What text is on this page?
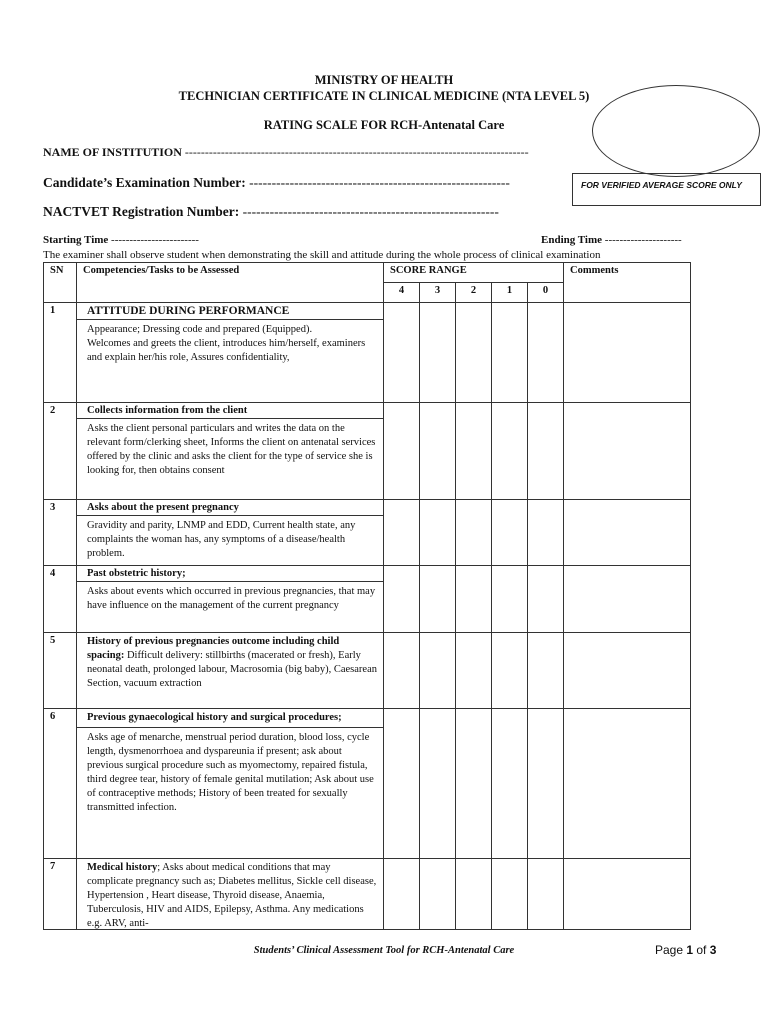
MINISTRY OF HEALTH
TECHNICIAN CERTIFICATE IN CLINICAL MEDICINE (NTA LEVEL 5)
RATING SCALE FOR RCH-Antenatal Care
FOR VERIFIED AVERAGE SCORE ONLY
NAME OF INSTITUTION --------------------------------------------------------------------------------------
Candidate’s Examination Number: ----------------------------------------------------------
NACTVET Registration Number: ---------------------------------------------------------
Starting Time ------------------------	Ending Time ---------------------
The examiner shall observe student when demonstrating the skill and attitude during the whole process of clinical examination
SN	Competencies/Tasks to be Assessed	SCORE RANGE					Comments
		4	3	2	1	0	
1	ATTITUDE DURING PERFORMANCE
Appearance; Dressing code and prepared (Equipped).
Welcomes and greets the client, introduces him/herself, examiners and explain her/his role, Assures confidentiality,						

2	Collects information from the client
Asks the client personal particulars and writes the data on the relevant form/clerking sheet, Informs the client on antenatal services offered by the clinic and asks the client for the type of service she is looking for, then obtains consent						

3	Asks about the present pregnancy
Gravidity and parity, LNMP and EDD, Current health state, any complaints the woman has, any symptoms of a disease/health problem.						

4	Past obstetric history;
Asks about events which occurred in previous pregnancies, that may have influence on the management of the current pregnancy						

5	History of previous pregnancies outcome including child spacing: Difficult delivery: stillbirths (macerated or fresh), Early neonatal death, prolonged labour, Macrosomia (big baby), Caesarean Section, vacuum extraction						

6	Previous gynaecological history and surgical procedures;
Asks age of menarche, menstrual period duration, blood loss, cycle length, dysmenorrhoea and dyspareunia if present; ask about previous surgical procedure such as myomectomy, repaired fistula, third degree tear, history of female genital mutilation; Ask about use of contraceptive methods; History of been treated for sexually transmitted infection.						

7	Medical history; Asks about medical conditions that may complicate pregnancy such as; Diabetes mellitus, Sickle cell disease, Hypertension , Heart disease, Thyroid disease, Anaemia, Tuberculosis, HIV and AIDS, Epilepsy, Asthma. Any medications e.g. ARV, anti-						

Students’ Clinical Assessment Tool for RCH-Antenatal Care	Page 1 of 3
